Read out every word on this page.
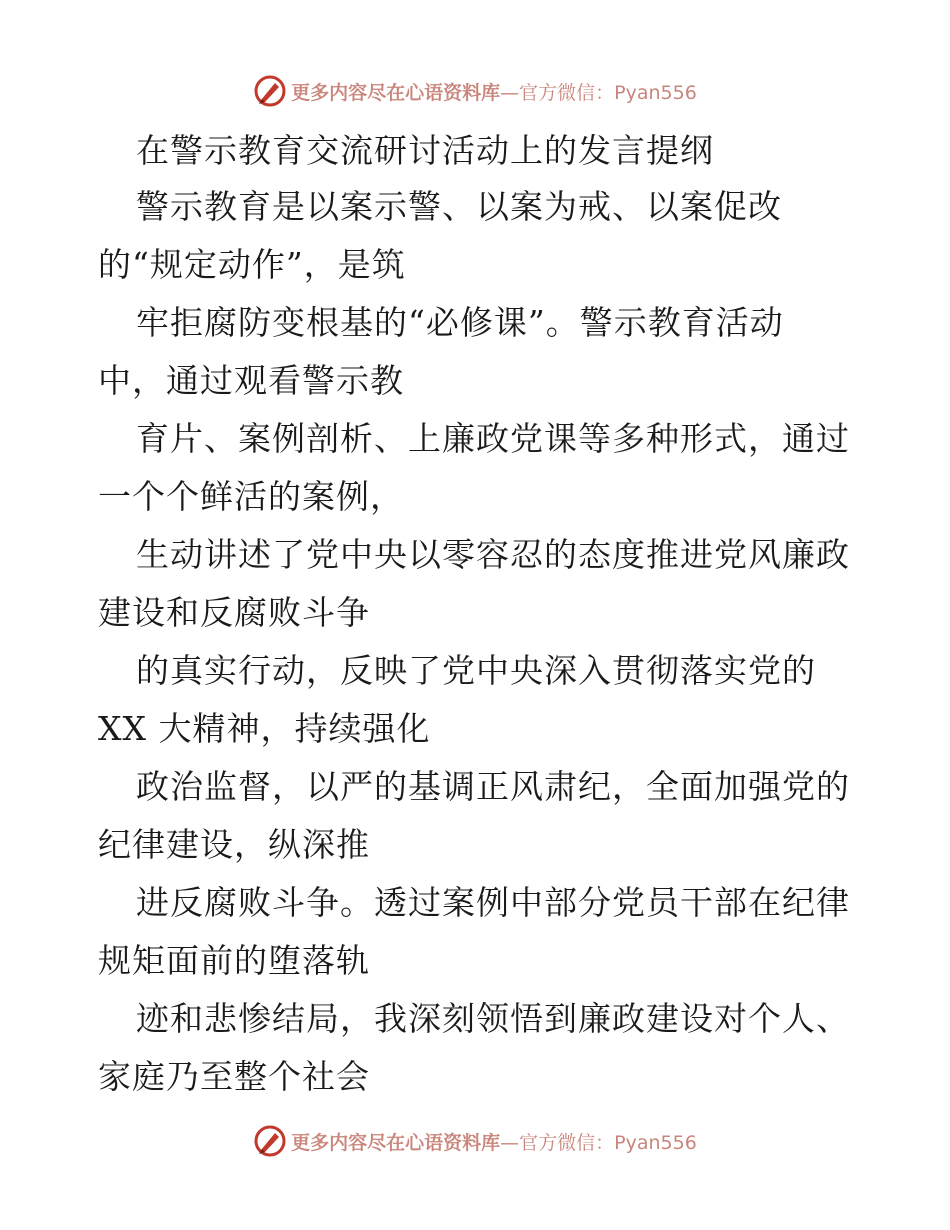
更多内容尽在心语资料库 —官方微信：Pyan556
在警示教育交流研讨活动上的发言提纲
警示教育是以案示警、以案为戒、以案促改
的“规定动作”，是筑
牢拒腐防变根基的“必修课”。警示教育活动
中，通过观看警示教
育片、案例剖析、上廉政党课等多种形式，通过
一个个鲜活的案例，
生动讲述了党中央以零容忍的态度推进党风廉政
建设和反腐败斗争
的真实行动，反映了党中央深入贯彻落实党的
XX 大精神，持续强化
政治监督，以严的基调正风肃纪，全面加强党的
纪律建设，纵深推
进反腐败斗争。透过案例中部分党员干部在纪律
规矩面前的堕落轨
迹和悲惨结局，我深刻领悟到廉政建设对个人、
家庭乃至整个社会
更多内容尽在心语资料库 —官方微信：Pyan556
